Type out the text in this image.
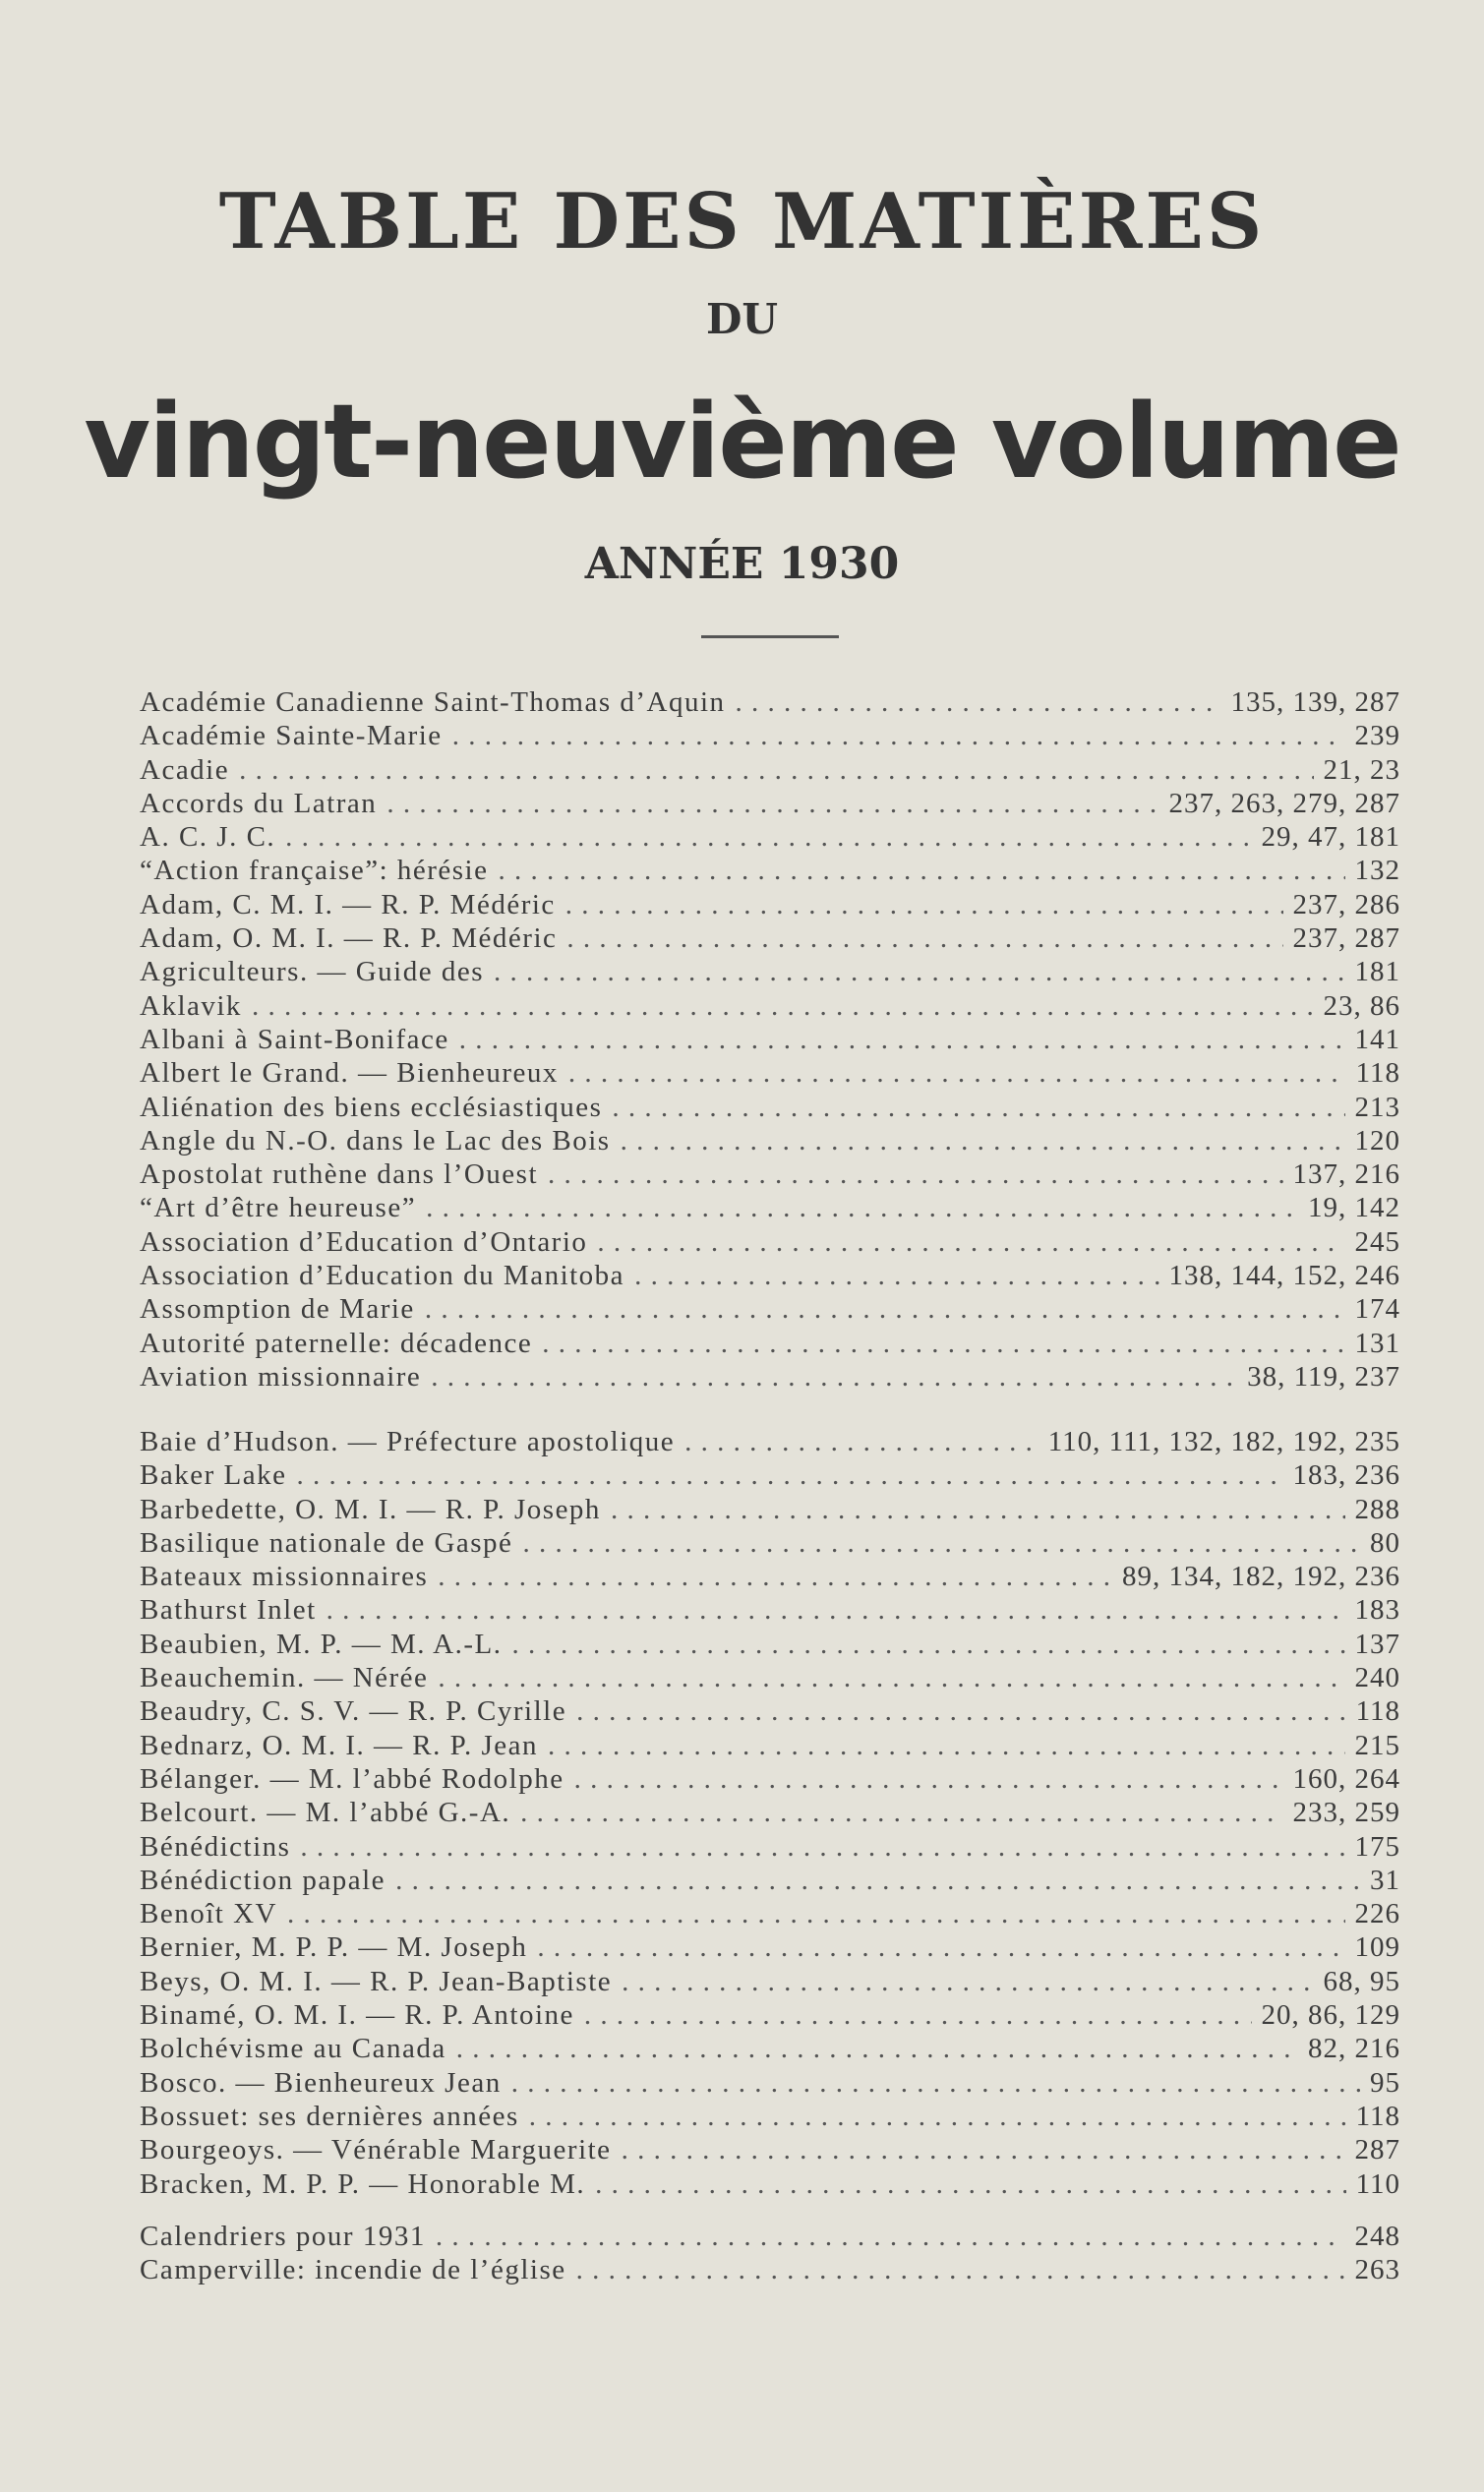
TABLE DES MATIÈRES
DU
vingt-neuvième volume
ANNÉE 1930
Académie Canadienne Saint-Thomas d’Aquin . . .	135, 139, 287
Académie Sainte-Marie . . .	239
Acadie . . .	21, 23
Accords du Latran . . .	237, 263, 279, 287
A. C. J. C. . . .	29, 47, 181
“Action française”: hérésie . . .	132
Adam, C. M. I. — R. P. Médéric . . .	237, 286
Adam, O. M. I. — R. P. Médéric . . .	237, 287
Agriculteurs. — Guide des . . .	181
Aklavik . . .	23, 86
Albani à Saint-Boniface . . .	141
Albert le Grand. — Bienheureux . . .	118
Aliénation des biens ecclésiastiques . . .	213
Angle du N.-O. dans le Lac des Bois . . .	120
Apostolat ruthène dans l’Ouest . . .	137, 216
“Art d’être heureuse” . . .	19, 142
Association d’Education d’Ontario . . .	245
Association d’Education du Manitoba . . .	138, 144, 152, 246
Assomption de Marie . . .	174
Autorité paternelle: décadence . . .	131
Aviation missionnaire . . .	38, 119, 237
Baie d’Hudson. — Préfecture apostolique . . .	110, 111, 132, 182, 192, 235
Baker Lake . . .	183, 236
Barbedette, O. M. I. — R. P. Joseph . . .	288
Basilique nationale de Gaspé . . .	80
Bateaux missionnaires . . .	89, 134, 182, 192, 236
Bathurst Inlet . . .	183
Beaubien, M. P. — M. A.-L. . . .	137
Beauchemin. — Nérée . . .	240
Beaudry, C. S. V. — R. P. Cyrille . . .	118
Bednarz, O. M. I. — R. P. Jean . . .	215
Bélanger. — M. l’abbé Rodolphe . . .	160, 264
Belcourt. — M. l’abbé G.-A. . . .	233, 259
Bénédictins . . .	175
Bénédiction papale . . .	31
Benoît XV . . .	226
Bernier, M. P. P. — M. Joseph . . .	109
Beys, O. M. I. — R. P. Jean-Baptiste . . .	68, 95
Binamé, O. M. I. — R. P. Antoine . . .	20, 86, 129
Bolchévisme au Canada . . .	82, 216
Bosco. — Bienheureux Jean . . .	95
Bossuet: ses dernières années . . .	118
Bourgeoys. — Vénérable Marguerite . . .	287
Bracken, M. P. P. — Honorable M. . . .	110
Calendriers pour 1931 . . .	248
Camperville: incendie de l’église . . .	263
